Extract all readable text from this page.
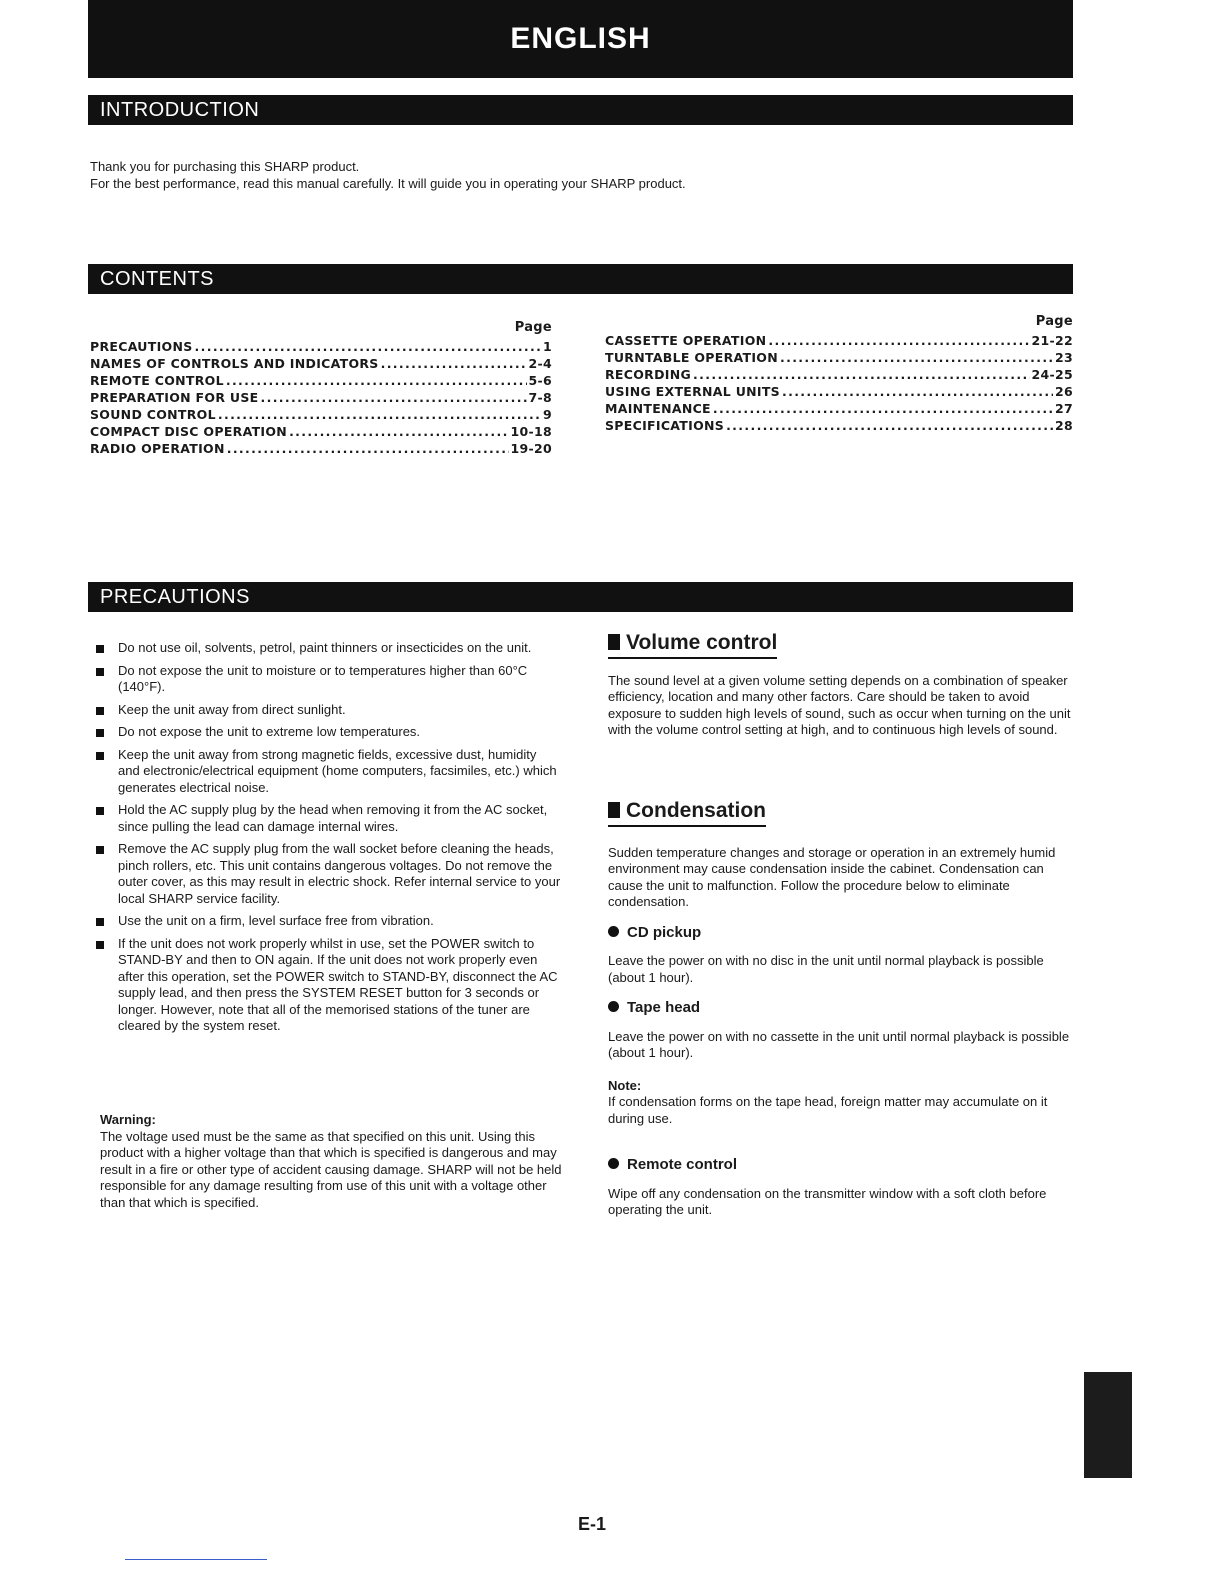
ENGLISH
INTRODUCTION
Thank you for purchasing this SHARP product.
For the best performance, read this manual carefully. It will guide you in operating your SHARP product.
CONTENTS
Page
PRECAUTIONS . . .	1
NAMES OF CONTROLS AND INDICATORS . . .	2-4
REMOTE CONTROL . . .	5-6
PREPARATION FOR USE . . .	7-8
SOUND CONTROL . . .	9
COMPACT DISC OPERATION . . .	10-18
RADIO OPERATION . . .	19-20
Page
CASSETTE OPERATION . . .	21-22
TURNTABLE OPERATION . . .	23
RECORDING . . .	24-25
USING EXTERNAL UNITS . . .	26
MAINTENANCE . . .	27
SPECIFICATIONS . . .	28
PRECAUTIONS
Do not use oil, solvents, petrol, paint thinners or insecticides on the unit.
Do not expose the unit to moisture or to temperatures higher than 60°C (140°F).
Keep the unit away from direct sunlight.
Do not expose the unit to extreme low temperatures.
Keep the unit away from strong magnetic fields, excessive dust, humidity and electronic/electrical equipment (home computers, facsimiles, etc.) which generates electrical noise.
Hold the AC supply plug by the head when removing it from the AC socket, since pulling the lead can damage internal wires.
Remove the AC supply plug from the wall socket before cleaning the heads, pinch rollers, etc. This unit contains dangerous voltages. Do not remove the outer cover, as this may result in electric shock. Refer internal service to your local SHARP service facility.
Use the unit on a firm, level surface free from vibration.
If the unit does not work properly whilst in use, set the POWER switch to STAND-BY and then to ON again. If the unit does not work properly even after this operation, set the POWER switch to STAND-BY, disconnect the AC supply lead, and then press the SYSTEM RESET button for 3 seconds or longer. However, note that all of the memorised stations of the tuner are cleared by the system reset.
Warning:
The voltage used must be the same as that specified on this unit. Using this product with a higher voltage than that which is specified is dangerous and may result in a fire or other type of accident causing damage. SHARP will not be held responsible for any damage resulting from use of this unit with a voltage other than that which is specified.
Volume control
The sound level at a given volume setting depends on a combination of speaker efficiency, location and many other factors. Care should be taken to avoid exposure to sudden high levels of sound, such as occur when turning on the unit with the volume control setting at high, and to continuous high levels of sound.
Condensation
Sudden temperature changes and storage or operation in an extremely humid environment may cause condensation inside the cabinet. Condensation can cause the unit to malfunction. Follow the procedure below to eliminate condensation.
CD pickup
Leave the power on with no disc in the unit until normal playback is possible (about 1 hour).
Tape head
Leave the power on with no cassette in the unit until normal playback is possible (about 1 hour).
Note:
If condensation forms on the tape head, foreign matter may accumulate on it during use.
Remote control
Wipe off any condensation on the transmitter window with a soft cloth before operating the unit.
E-1
